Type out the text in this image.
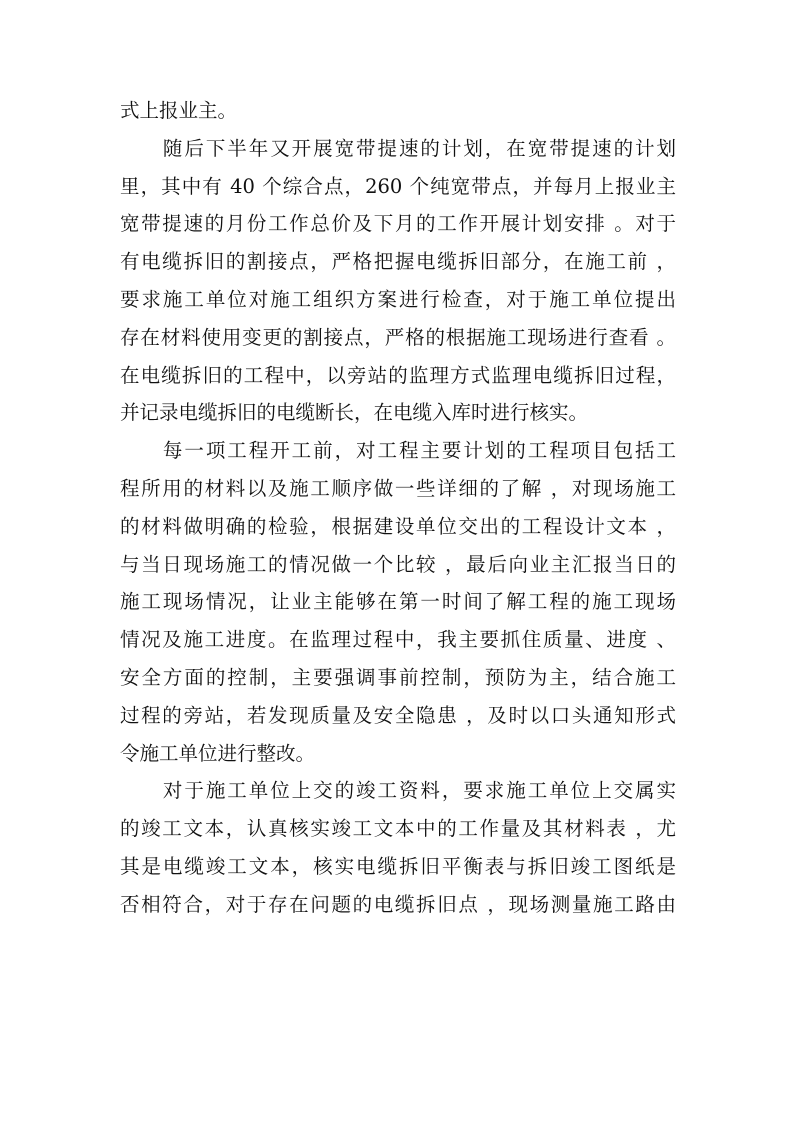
式上报业主。
　　随后下半年又开展宽带提速的计划，在宽带提速的计划
里，其中有 40 个综合点，260 个纯宽带点，并每月上报业主
宽带提速的月份工作总价及下月的工作开展计划安排 。对于
有电缆拆旧的割接点，严格把握电缆拆旧部分，在施工前 ，
要求施工单位对施工组织方案进行检查，对于施工单位提出
存在材料使用变更的割接点，严格的根据施工现场进行查看 。
在电缆拆旧的工程中，以旁站的监理方式监理电缆拆旧过程，
并记录电缆拆旧的电缆断长，在电缆入库时进行核实。
　　每一项工程开工前，对工程主要计划的工程项目包括工
程所用的材料以及施工顺序做一些详细的了解 ，对现场施工
的材料做明确的检验，根据建设单位交出的工程设计文本 ，
与当日现场施工的情况做一个比较 ，最后向业主汇报当日的
施工现场情况，让业主能够在第一时间了解工程的施工现场
情况及施工进度。在监理过程中，我主要抓住质量、进度 、
安全方面的控制，主要强调事前控制，预防为主，结合施工
过程的旁站，若发现质量及安全隐患 ，及时以口头通知形式
令施工单位进行整改。
　　对于施工单位上交的竣工资料，要求施工单位上交属实
的竣工文本，认真核实竣工文本中的工作量及其材料表 ，尤
其是电缆竣工文本，核实电缆拆旧平衡表与拆旧竣工图纸是
否相符合，对于存在问题的电缆拆旧点 ，现场测量施工路由
